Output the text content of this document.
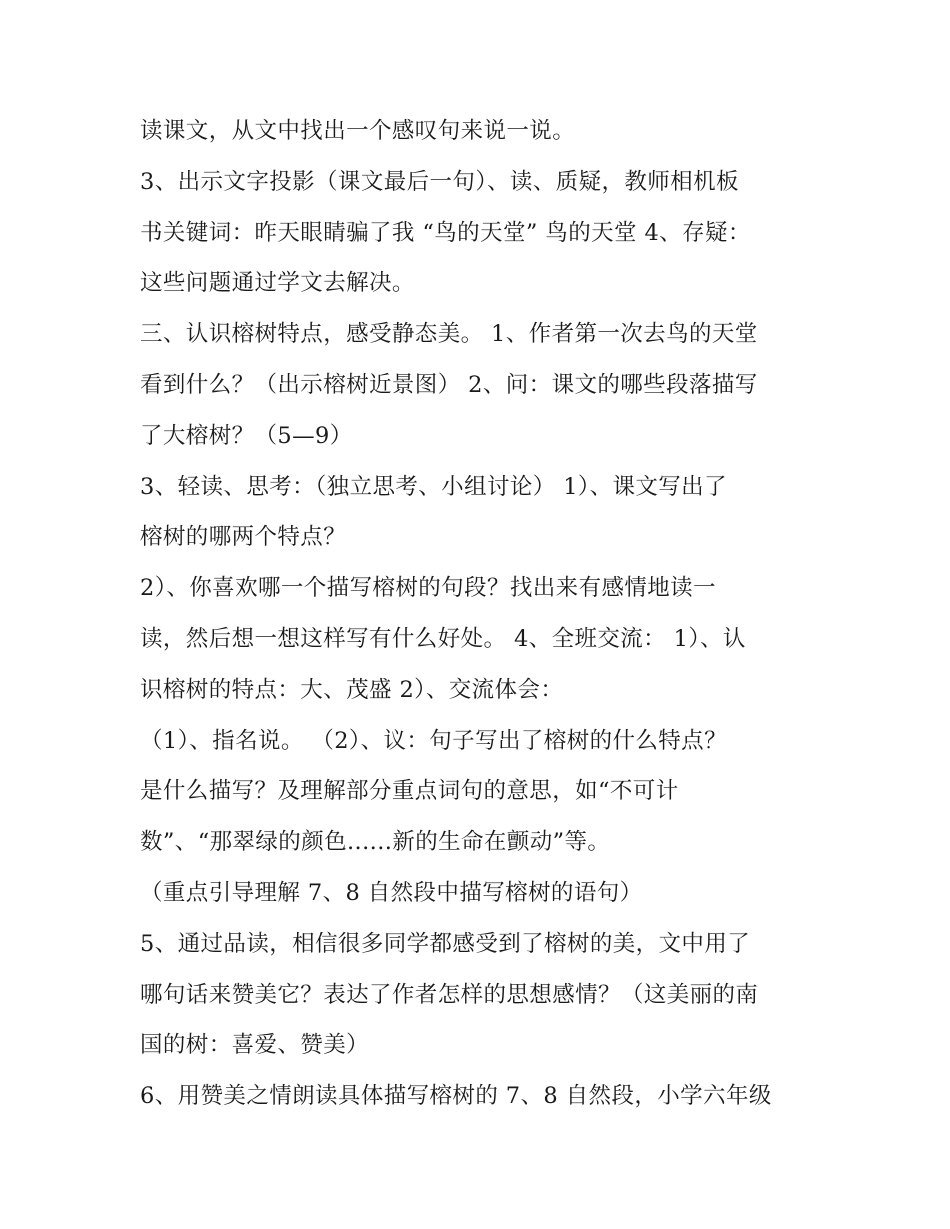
读课文，从文中找出一个感叹句来说一说。
3、出示文字投影（课文最后一句）、读、质疑，教师相机板
书关键词：昨天眼睛骗了我 “鸟的天堂” 鸟的天堂 4、存疑：
这些问题通过学文去解决。
三、认识榕树特点，感受静态美。 1、作者第一次去鸟的天堂
看到什么？（出示榕树近景图） 2、问：课文的哪些段落描写
了大榕树？（5—9）
3、轻读、思考：（独立思考、小组讨论） 1）、课文写出了
榕树的哪两个特点？
2）、你喜欢哪一个描写榕树的句段？找出来有感情地读一
读，然后想一想这样写有什么好处。 4、全班交流： 1）、认
识榕树的特点：大、茂盛 2）、交流体会：
（1）、指名说。 （2）、议：句子写出了榕树的什么特点？
是什么描写？及理解部分重点词句的意思，如“不可计
数”、“那翠绿的颜色......新的生命在颤动”等。
（重点引导理解 7、8 自然段中描写榕树的语句）
5、通过品读，相信很多同学都感受到了榕树的美，文中用了
哪句话来赞美它？表达了作者怎样的思想感情？（这美丽的南
国的树：喜爱、赞美）
6、用赞美之情朗读具体描写榕树的 7、8 自然段，小学六年级
